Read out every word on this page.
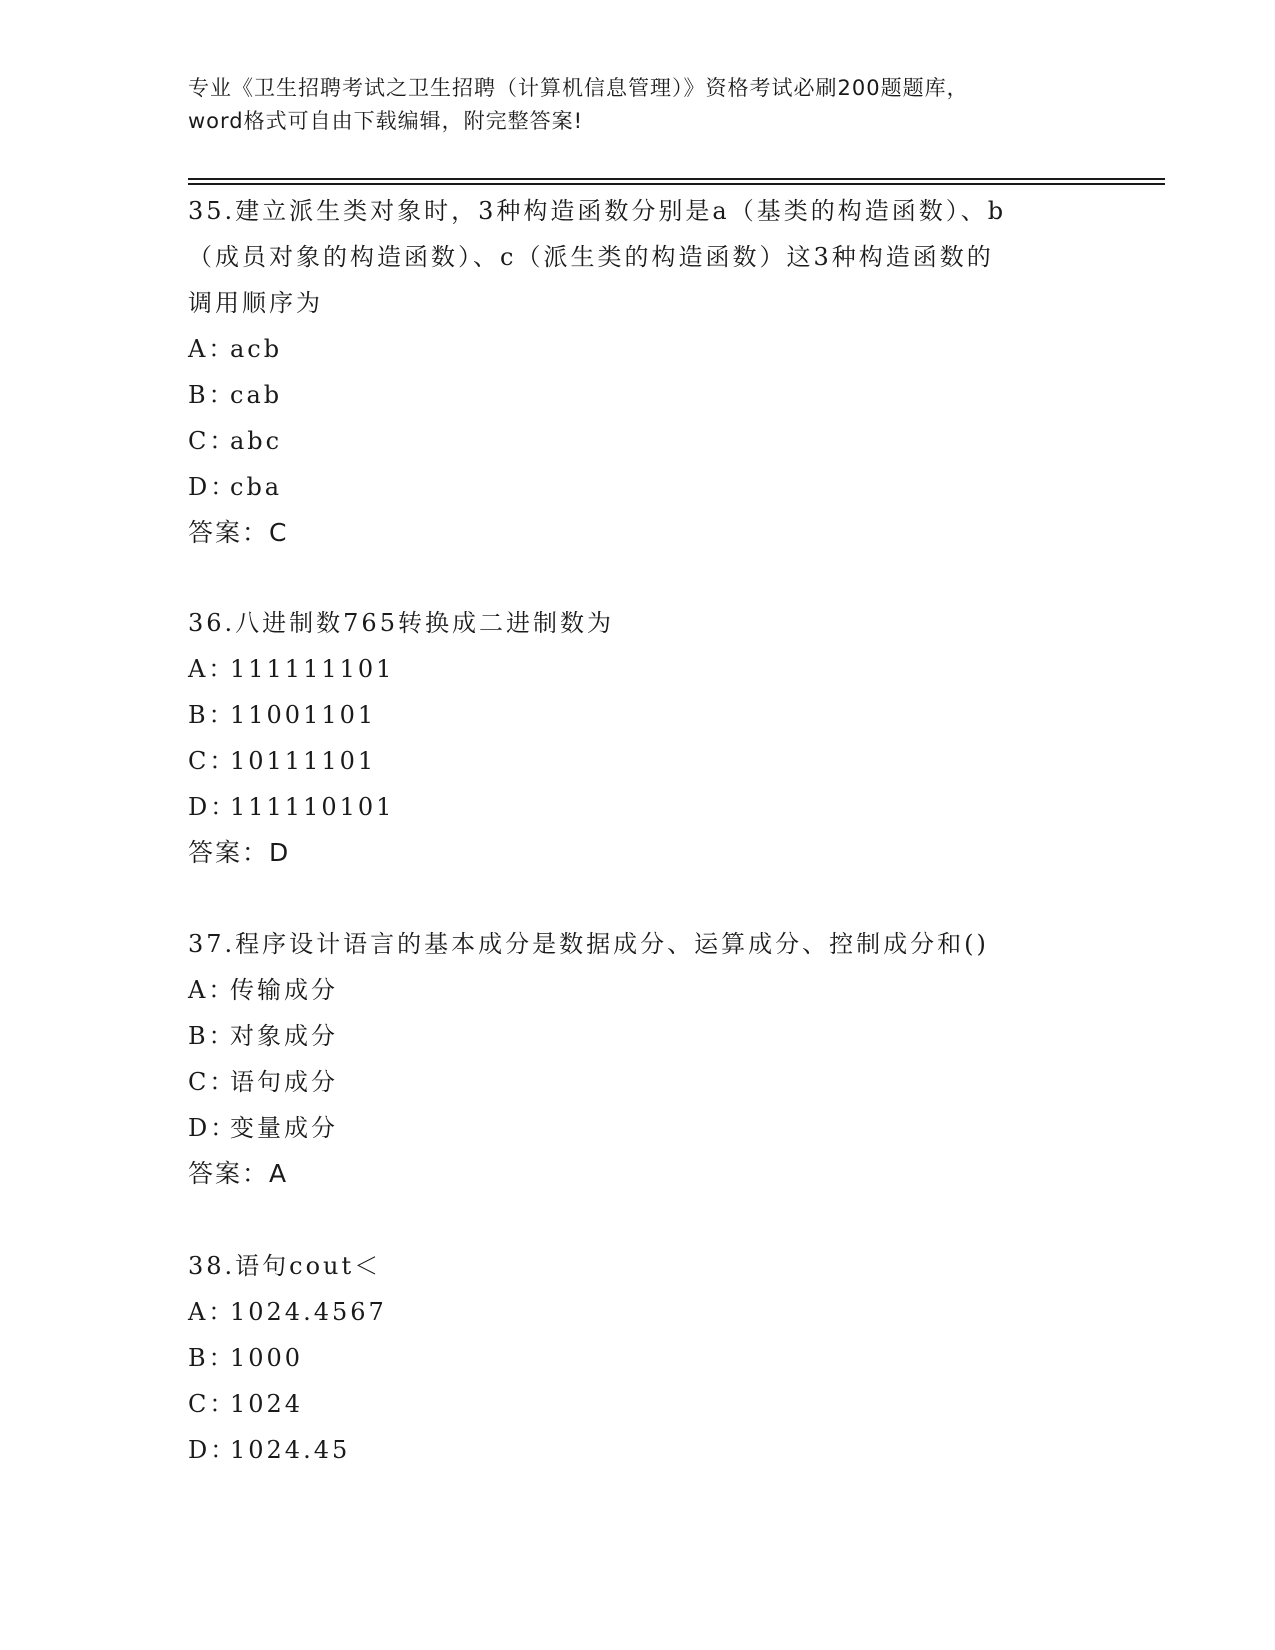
专业《卫生招聘考试之卫生招聘（计算机信息管理）》资格考试必刷200题题库，
word格式可自由下载编辑，附完整答案!
35.建立派生类对象时，3种构造函数分别是a（基类的构造函数）、b
（成员对象的构造函数）、c（派生类的构造函数）这3种构造函数的
调用顺序为
A：acb
B：cab
C：abc
D：cba
答案：C
36.八进制数765转换成二进制数为
A：111111101
B：11001101
C：10111101
D：111110101
答案：D
37.程序设计语言的基本成分是数据成分、运算成分、控制成分和()
A：传输成分
B：对象成分
C：语句成分
D：变量成分
答案：A
38.语句cout＜
A：1024.4567
B：1000
C：1024
D：1024.45
